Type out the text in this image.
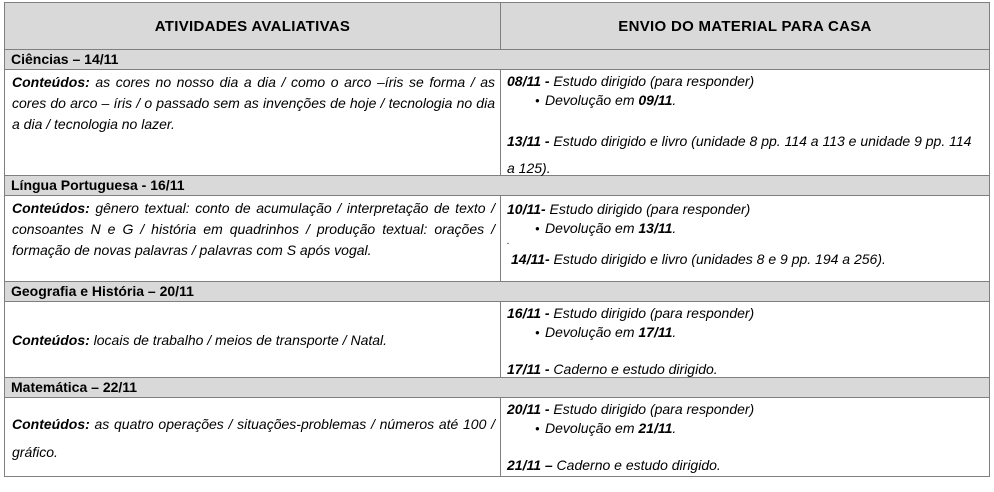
ATIVIDADES AVALIATIVAS	ENVIO DO MATERIAL PARA CASA
Ciências – 14/11
Conteúdos: as cores no nosso dia a dia / como o arco –íris se forma / as cores do arco – íris / o passado sem as invenções de hoje / tecnologia no dia a dia / tecnologia no lazer.
08/11 - Estudo dirigido (para responder)
● Devolução em 09/11.
13/11 - Estudo dirigido e livro (unidade 8 pp. 114 a 113 e unidade 9 pp. 114 a 125).
Língua Portuguesa - 16/11
Conteúdos: gênero textual: conto de acumulação / interpretação de texto / consoantes N e G / história em quadrinhos / produção textual: orações / formação de novas palavras / palavras com S após vogal.
10/11- Estudo dirigido (para responder)
● Devolução em 13/11.
.
14/11- Estudo dirigido e livro (unidades 8 e 9 pp. 194 a 256).
Geografia e História – 20/11
Conteúdos: locais de trabalho / meios de transporte / Natal.
16/11 - Estudo dirigido (para responder)
● Devolução em 17/11.
17/11 - Caderno e estudo dirigido.
Matemática – 22/11
Conteúdos: as quatro operações / situações-problemas / números até 100 / gráfico.
20/11 - Estudo dirigido (para responder)
● Devolução em 21/11.
21/11 – Caderno e estudo dirigido.
